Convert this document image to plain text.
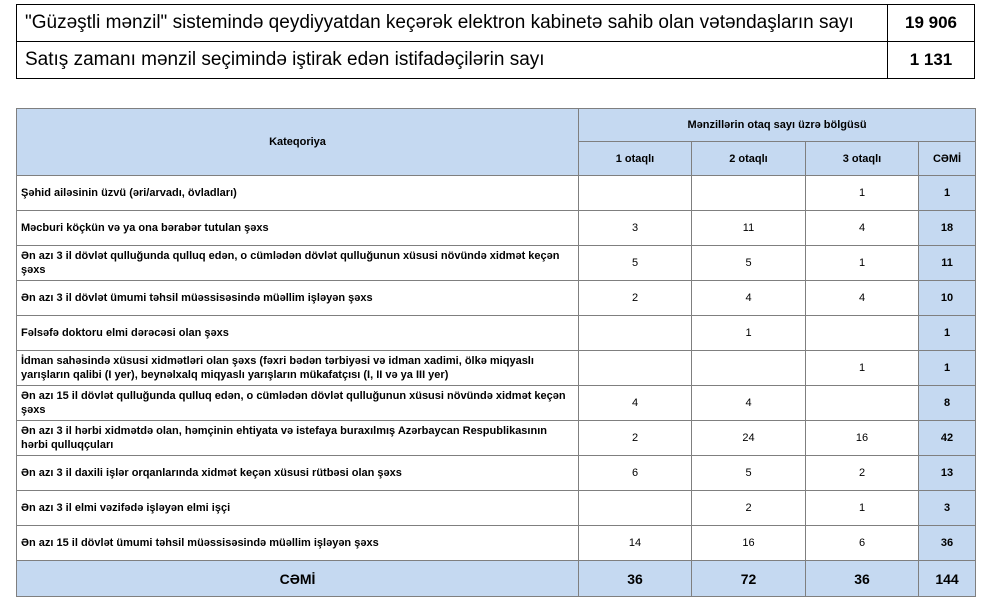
"Güzəştli mənzil" sistemində qeydiyyatdan keçərək elektron kabinetə sahib olan vətəndaşların sayı	19 906
Satış zamanı mənzil seçimində iştirak edən istifadəçilərin sayı	1 131
Kateqoriya	Mənzillərin otaq sayı üzrə bölgüsü			
	1 otaqlı	2 otaqlı	3 otaqlı	CƏMİ
Şəhid ailəsinin üzvü (əri/arvadı, övladları)			1	1
Məcburi köçkün və ya ona bərabər tutulan şəxs	3	11	4	18
Ən azı 3 il dövlət qulluğunda qulluq edən, o cümlədən dövlət qulluğunun xüsusi növündə xidmət keçən şəxs	5	5	1	11
Ən azı 3 il dövlət ümumi təhsil müəssisəsində müəllim işləyən şəxs	2	4	4	10
Fəlsəfə doktoru elmi dərəcəsi olan şəxs		1		1
İdman sahəsində xüsusi xidmətləri olan şəxs (fəxri bədən tərbiyəsi və idman xadimi, ölkə miqyaslı yarışların qalibi (I yer), beynəlxalq miqyaslı yarışların mükafatçısı (I, II və ya III yer)			1	1
Ən azı 15 il dövlət qulluğunda qulluq edən, o cümlədən dövlət qulluğunun xüsusi növündə xidmət keçən şəxs	4	4		8
Ən azı 3 il hərbi xidmətdə olan, həmçinin ehtiyata və istefaya buraxılmış Azərbaycan Respublikasının hərbi qulluqçuları	2	24	16	42
Ən azı 3 il daxili işlər orqanlarında xidmət keçən xüsusi rütbəsi olan şəxs	6	5	2	13
Ən azı 3 il elmi vəzifədə işləyən elmi işçi		2	1	3
Ən azı 15 il dövlət ümumi təhsil müəssisəsində müəllim işləyən şəxs	14	16	6	36
CƏMİ	36	72	36	144
